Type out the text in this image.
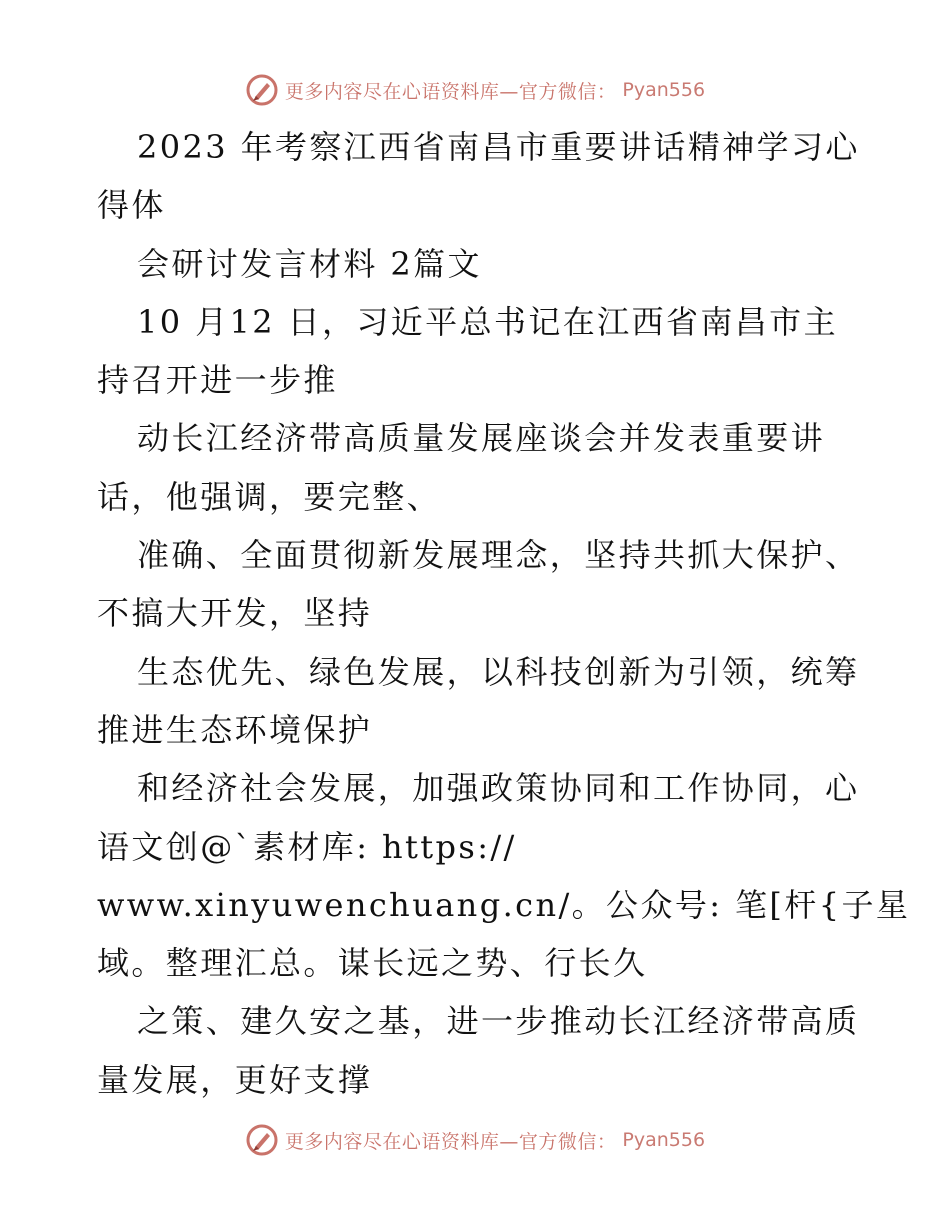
更多内容尽在心语资料库—官方微信： Pyan556
2023 年考察江西省南昌市重要讲话精神学习心
得体
会研讨发言材料 2篇文
10 月12 日，习近平总书记在江西省南昌市主
持召开进一步推
动长江经济带高质量发展座谈会并发表重要讲
话，他强调，要完整、
准确、全面贯彻新发展理念，坚持共抓大保护、
不搞大开发，坚持
生态优先、绿色发展，以科技创新为引领，统筹
推进生态环境保护
和经济社会发展，加强政策协同和工作协同，心
语文创@`素材库: https://
www.xinyuwenchuang.cn/。公众号: 笔[杆{子星
域。整理汇总。谋长远之势、行长久
之策、建久安之基，进一步推动长江经济带高质
量发展，更好支撑
更多内容尽在心语资料库—官方微信： Pyan556
